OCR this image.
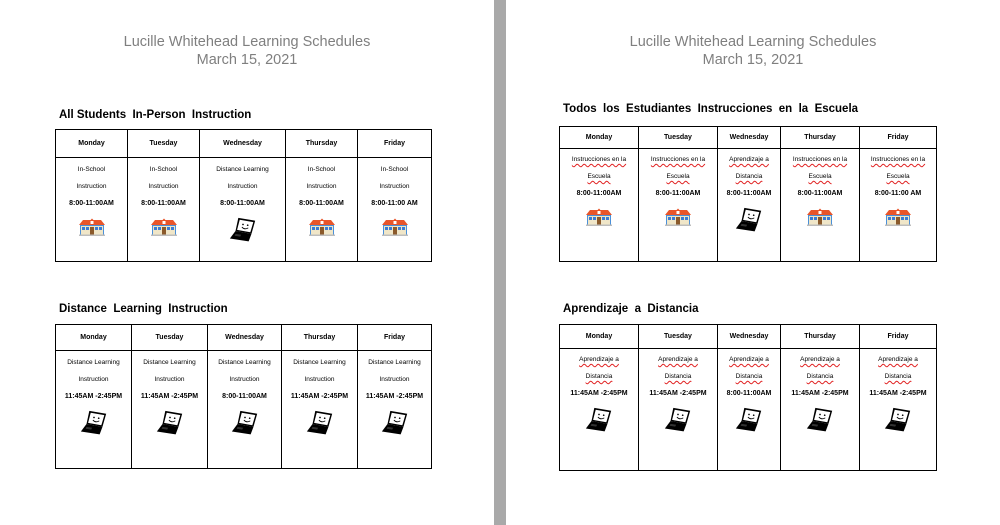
Lucille Whitehead Learning Schedules
March 15, 2021
All Students  In-Person  Instruction
Monday	Tuesday	Wednesday	Thursday	Friday

In-School
Instruction
8:00-11:00AM	In-School
Instruction
8:00-11:00AM	Distance Learning
Instruction
8:00-11:00AM	In-School
Instruction
8:00-11:00AM	In-School
Instruction
8:00-11:00 AM
Distance  Learning  Instruction
Monday	Tuesday	Wednesday	Thursday	Friday

Distance Learning
Instruction
11:45AM -2:45PM	Distance Learning
Instruction
11:45AM -2:45PM	Distance Learning
Instruction
8:00-11:00AM	Distance Learning
Instruction
11:45AM -2:45PM	Distance Learning
Instruction
11:45AM -2:45PM
Lucille Whitehead Learning Schedules
March 15, 2021
Todos  los  Estudiantes  Instrucciones  en  la  Escuela
Monday	Tuesday	Wednesday	Thursday	Friday

Instrucciones en la
Escuela
8:00-11:00AM	Instrucciones en la
Escuela
8:00-11:00AM	Aprendizaje a
Distancia
8:00-11:00AM	Instrucciones en la
Escuela
8:00-11:00AM	Instrucciones en la
Escuela
8:00-11:00 AM
Aprendizaje  a  Distancia
Monday	Tuesday	Wednesday	Thursday	Friday

Aprendizaje a
Distancia
11:45AM -2:45PM	Aprendizaje a
Distancia
11:45AM -2:45PM	Aprendizaje a
Distancia
8:00-11:00AM	Aprendizaje a
Distancia
11:45AM -2:45PM	Aprendizaje a
Distancia
11:45AM -2:45PM
